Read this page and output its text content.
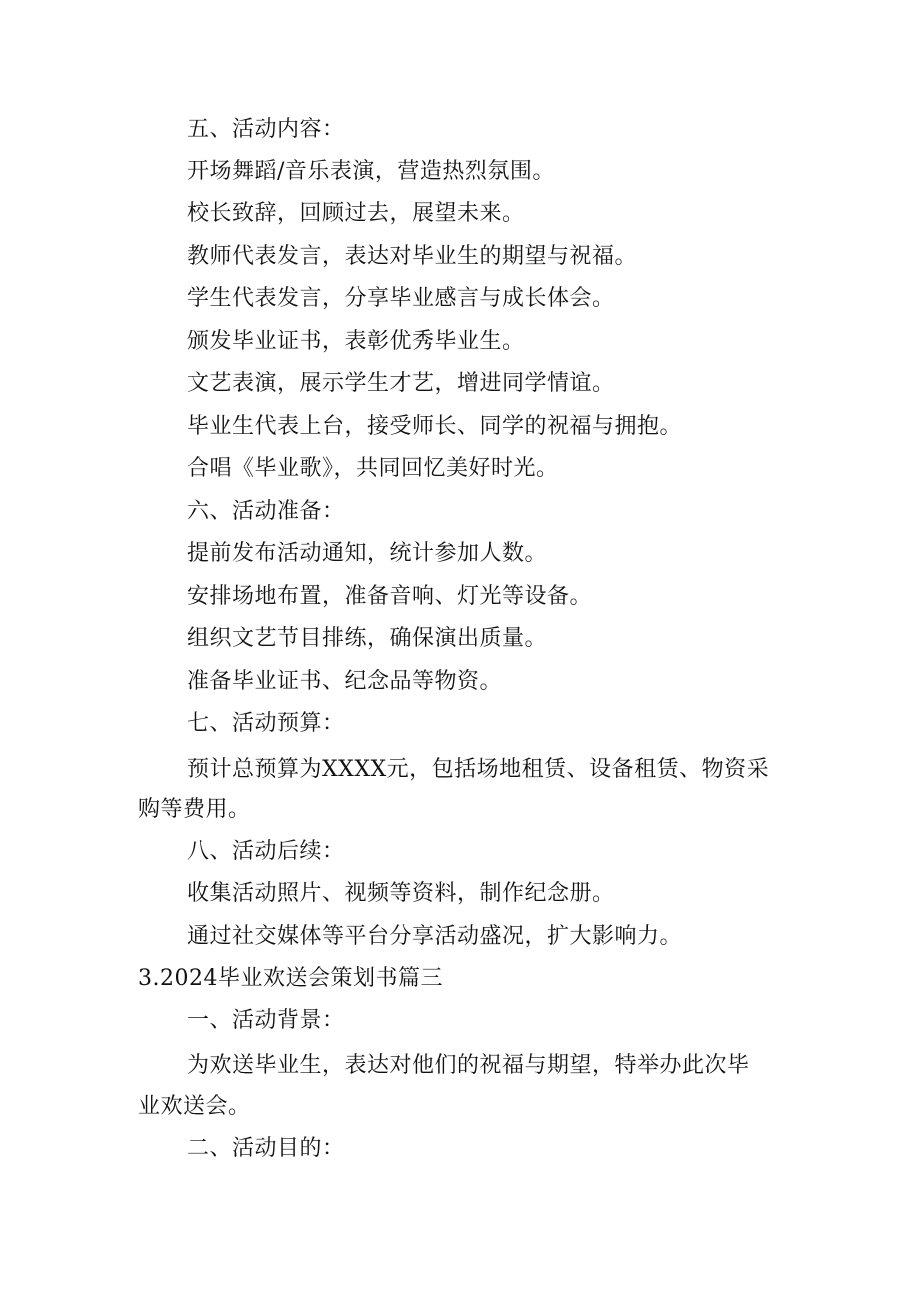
五、活动内容：
开场舞蹈/音乐表演，营造热烈氛围。
校长致辞，回顾过去，展望未来。
教师代表发言，表达对毕业生的期望与祝福。
学生代表发言，分享毕业感言与成长体会。
颁发毕业证书，表彰优秀毕业生。
文艺表演，展示学生才艺，增进同学情谊。
毕业生代表上台，接受师长、同学的祝福与拥抱。
合唱《毕业歌》，共同回忆美好时光。
六、活动准备：
提前发布活动通知，统计参加人数。
安排场地布置，准备音响、灯光等设备。
组织文艺节目排练，确保演出质量。
准备毕业证书、纪念品等物资。
七、活动预算：
预计总预算为XXXX元，包括场地租赁、设备租赁、物资采
购等费用。
八、活动后续：
收集活动照片、视频等资料，制作纪念册。
通过社交媒体等平台分享活动盛况，扩大影响力。
3.2024毕业欢送会策划书篇三
一、活动背景：
为欢送毕业生，表达对他们的祝福与期望，特举办此次毕
业欢送会。
二、活动目的：
